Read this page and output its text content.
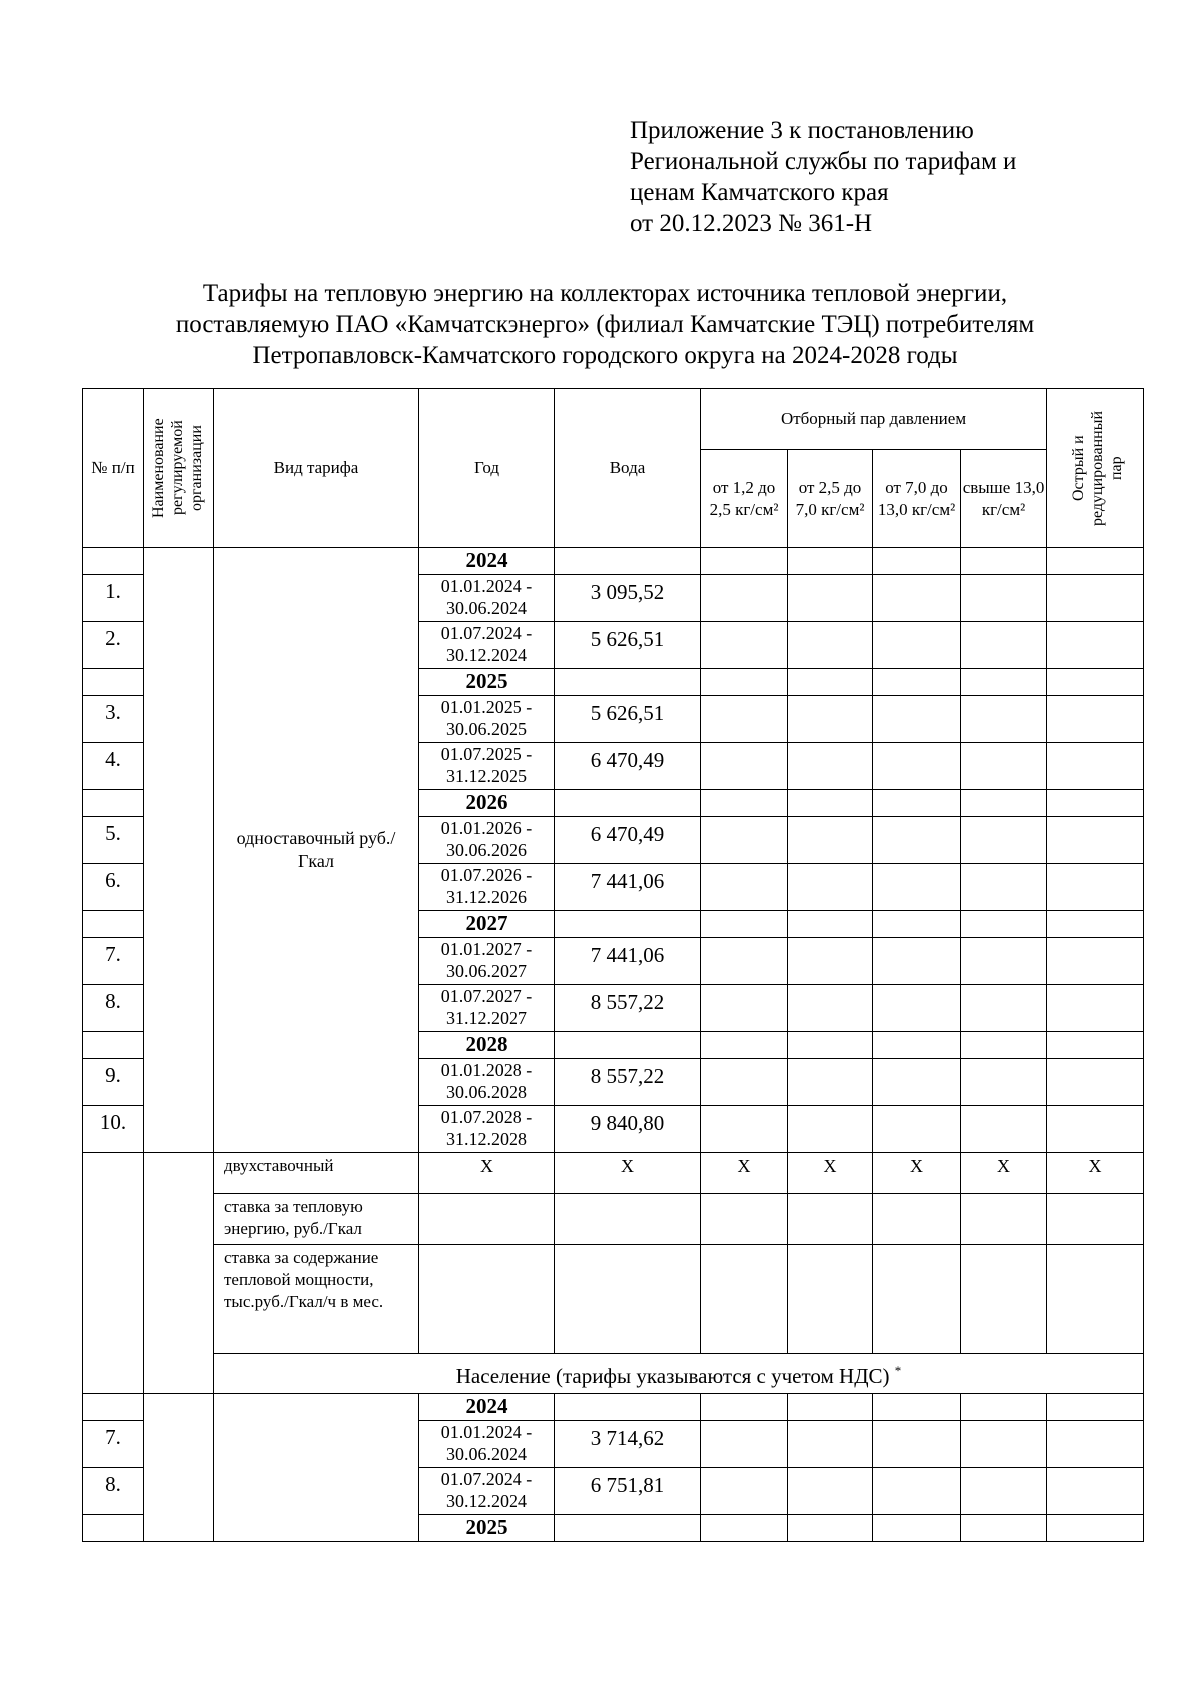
Приложение 3 к постановлению
Региональной службы по тарифам и
ценам Камчатского края
от 20.12.2023 № 361-Н
Тарифы на тепловую энергию на коллекторах источника тепловой энергии,
поставляемую ПАО «Камчатскэнерго» (филиал Камчатские ТЭЦ) потребителям
Петропавловск-Камчатского городского округа на 2024-2028 годы
№ п/п	Наименование регулируемой организации	Вид тарифа	Год	Вода	Отборный пар давлением				Острый и редуцированный пар

					от 1,2 до 2,5 кг/см²	от 2,5 до 7,0 кг/см²	от 7,0 до 13,0 кг/см²	свыше 13,0 кг/см²	
		одноставочный руб./Гкал	2024						
1.			01.01.2024 - 30.06.2024	3 095,52					
2.			01.07.2024 - 30.12.2024	5 626,51					
			2025						
3.			01.01.2025 - 30.06.2025	5 626,51					
4.			01.07.2025 - 31.12.2025	6 470,49					
			2026						
5.			01.01.2026 - 30.06.2026	6 470,49					
6.			01.07.2026 - 31.12.2026	7 441,06					
			2027						
7.			01.01.2027 - 30.06.2027	7 441,06					
8.			01.07.2027 - 31.12.2027	8 557,22					
			2028						
9.			01.01.2028 - 30.06.2028	8 557,22					
10.			01.07.2028 - 31.12.2028	9 840,80					
		двухставочный	X	X	X	X	X	X	X
		ставка за тепловую энергию, руб./Гкал							
		ставка за содержание тепловой мощности, тыс.руб./Гкал/ч в мес.							
		Население (тарифы указываются с учетом НДС) *
			2024						
7.			01.01.2024 - 30.06.2024	3 714,62					
8.			01.07.2024 - 30.12.2024	6 751,81					
			2025						
